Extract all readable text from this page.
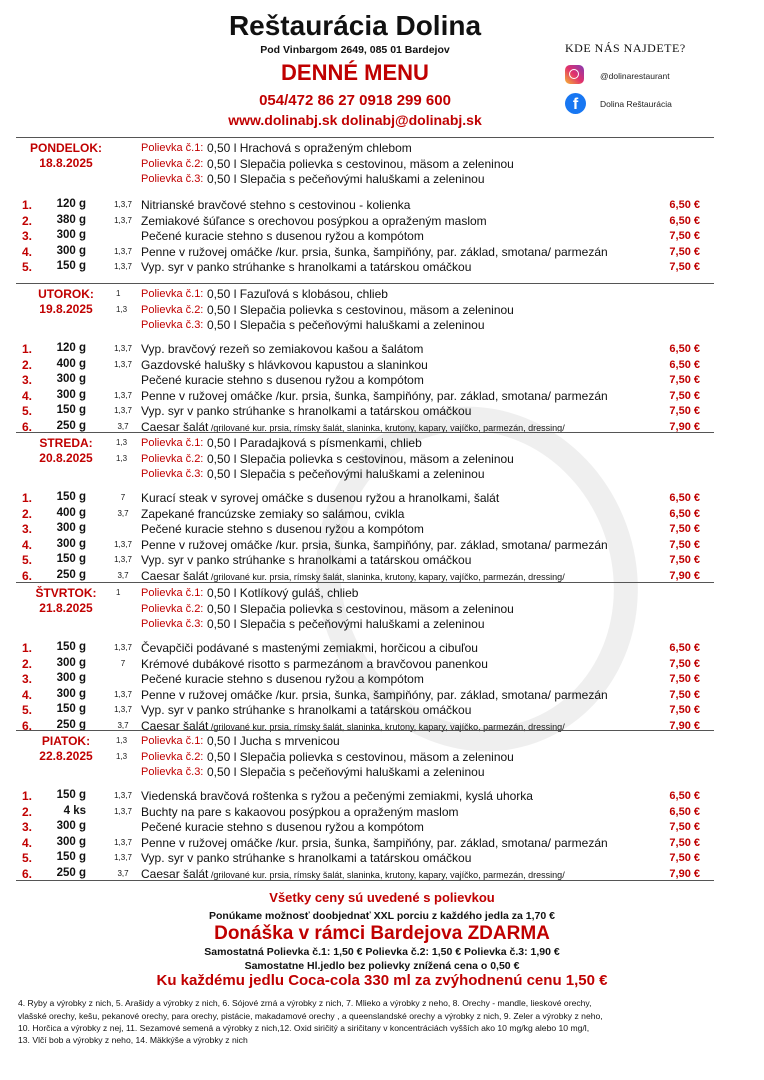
Reštaurácia Dolina
Pod Vinbargom 2649, 085 01 Bardejov
DENNÉ MENU
054/472 86 27 0918 299 600
www.dolinabj.sk dolinabj@dolinabj.sk
KDE NÁS NAJDETE?
@dolinarestaurant
f	Dolina Reštaurácia
PONDELOK:
18.8.2025
Polievka č.1: 0,50 l Hrachová s opraženým chlebom
Polievka č.2: 0,50 l Slepačia polievka s cestovinou, mäsom a zeleninou
Polievka č.3: 0,50 l Slepačia s pečeňovými haluškami a zeleninou
1.	120 g	1,3,7 Nitrianské bravčové stehno s cestovinou - kolienka	6,50 €
2.	380 g	1,3,7 Zemiakové šúľance s orechovou posýpkou a opraženým maslom	6,50 €
3.	300 g	Pečené kuracie stehno s dusenou ryžou a kompótom	7,50 €
4.	300 g	1,3,7 Penne v ružovej omáčke /kur. prsia, šunka, šampiňóny, par. základ, smotana/ parmezán	7,50 €
5.	150 g	1,3,7 Vyp. syr v panko strúhanke s hranolkami a tatárskou omáčkou	7,50 €
UTOROK:
19.8.2025
1 Polievka č.1: 0,50 l Fazuľová s klobásou, chlieb
1,3 Polievka č.2: 0,50 l Slepačia polievka s cestovinou, mäsom a zeleninou
Polievka č.3: 0,50 l Slepačia s pečeňovými haluškami a zeleninou
1.	120 g	1,3,7 Vyp. bravčový rezeň so zemiakovou kašou a šalátom	6,50 €
2.	400 g	1,3,7 Gazdovské halušky s hlávkovou kapustou a slaninkou	6,50 €
3.	300 g	Pečené kuracie stehno s dusenou ryžou a kompótom	7,50 €
4.	300 g	1,3,7 Penne v ružovej omáčke /kur. prsia, šunka, šampiňóny, par. základ, smotana/ parmezán	7,50 €
5.	150 g	1,3,7 Vyp. syr v panko strúhanke s hranolkami a tatárskou omáčkou	7,50 €
6.	250 g	3,7	Caesar šalát /grilované kur. prsia, rímsky šalát, slaninka, krutony, kapary, vajíčko, parmezán, dressing/	7,90 €
STREDA:
20.8.2025
1,3 Polievka č.1: 0,50 l Paradajková s písmenkami, chlieb
1,3 Polievka č.2: 0,50 l Slepačia polievka s cestovinou, mäsom a zeleninou
Polievka č.3: 0,50 l Slepačia s pečeňovými haluškami a zeleninou
1.	150 g	7	Kurací steak v syrovej omáčke s dusenou ryžou a hranolkami, šalát	6,50 €
2.	400 g	3,7	Zapekané francúzske zemiaky so salámou, cvikla	6,50 €
3.	300 g	Pečené kuracie stehno s dusenou ryžou a kompótom	7,50 €
4.	300 g	1,3,7 Penne v ružovej omáčke /kur. prsia, šunka, šampiňóny, par. základ, smotana/ parmezán	7,50 €
5.	150 g	1,3,7 Vyp. syr v panko strúhanke s hranolkami a tatárskou omáčkou	7,50 €
6.	250 g	3,7	Caesar šalát /grilované kur. prsia, rímsky šalát, slaninka, krutony, kapary, vajíčko, parmezán, dressing/	7,90 €
ŠTVRTOK:
21.8.2025
1 Polievka č.1: 0,50 l Kotlíkový guláš, chlieb
Polievka č.2: 0,50 l Slepačia polievka s cestovinou, mäsom a zeleninou
Polievka č.3: 0,50 l Slepačia s pečeňovými haluškami a zeleninou
1.	150 g	1,3,7 Čevapčiči podávané s mastenými zemiakmi, horčicou a cibuľou	6,50 €
2.	300 g	7	Krémové dubákové risotto s parmezánom a bravčovou panenkou	7,50 €
3.	300 g	Pečené kuracie stehno s dusenou ryžou a kompótom	7,50 €
4.	300 g	1,3,7 Penne v ružovej omáčke /kur. prsia, šunka, šampiňóny, par. základ, smotana/ parmezán	7,50 €
5.	150 g	1,3,7 Vyp. syr v panko strúhanke s hranolkami a tatárskou omáčkou	7,50 €
6.	250 g	3,7	Caesar šalát /grilované kur. prsia, rímsky šalát, slaninka, krutony, kapary, vajíčko, parmezán, dressing/	7,90 €
PIATOK:
22.8.2025
1,3 Polievka č.1: 0,50 l Jucha s mrvenicou
1,3 Polievka č.2: 0,50 l Slepačia polievka s cestovinou, mäsom a zeleninou
Polievka č.3: 0,50 l Slepačia s pečeňovými haluškami a zeleninou
1.	150 g	1,3,7 Viedenská bravčová roštenka s ryžou a pečenými zemiakmi, kyslá uhorka	6,50 €
2.	4 ks	1,3,7 Buchty na pare s kakaovou posýpkou a opraženým maslom	6,50 €
3.	300 g	Pečené kuracie stehno s dusenou ryžou a kompótom	7,50 €
4.	300 g	1,3,7 Penne v ružovej omáčke /kur. prsia, šunka, šampiňóny, par. základ, smotana/ parmezán	7,50 €
5.	150 g	1,3,7 Vyp. syr v panko strúhanke s hranolkami a tatárskou omáčkou	7,50 €
6.	250 g	3,7	Caesar šalát /grilované kur. prsia, rímsky šalát, slaninka, krutony, kapary, vajíčko, parmezán, dressing/	7,90 €
Všetky ceny sú uvedené s polievkou
Ponúkame možnosť doobjednať XXL porciu z každého jedla za 1,70 €
Donáška v rámci Bardejova ZDARMA
Samostatná Polievka č.1: 1,50 € Polievka č.2: 1,50 € Polievka č.3: 1,90 €
Samostatne Hl.jedlo bez polievky znížená cena o 0,50 €
Ku každému jedlu Coca-cola 330 ml za zvýhodnenú cenu 1,50 €
4. Ryby a výrobky z nich, 5. Arašidy a výrobky z nich, 6. Sójové zrná a výrobky z nich, 7. Mlieko a výrobky z neho, 8. Orechy - mandle, lieskové orechy,
vlašské orechy, kešu, pekanové orechy, para orechy, pistácie, makadamové orechy , a queenslandské orechy a výrobky z nich, 9. Zeler a výrobky z neho,
10. Horčica a výrobky z nej, 11. Sezamové semená a výrobky z nich,12. Oxid siričitý a siričitany v koncentráciách vyšších ako 10 mg/kg alebo 10 mg/l,
13. Vlčí bob a výrobky z neho, 14. Mäkkýše a výrobky z nich
